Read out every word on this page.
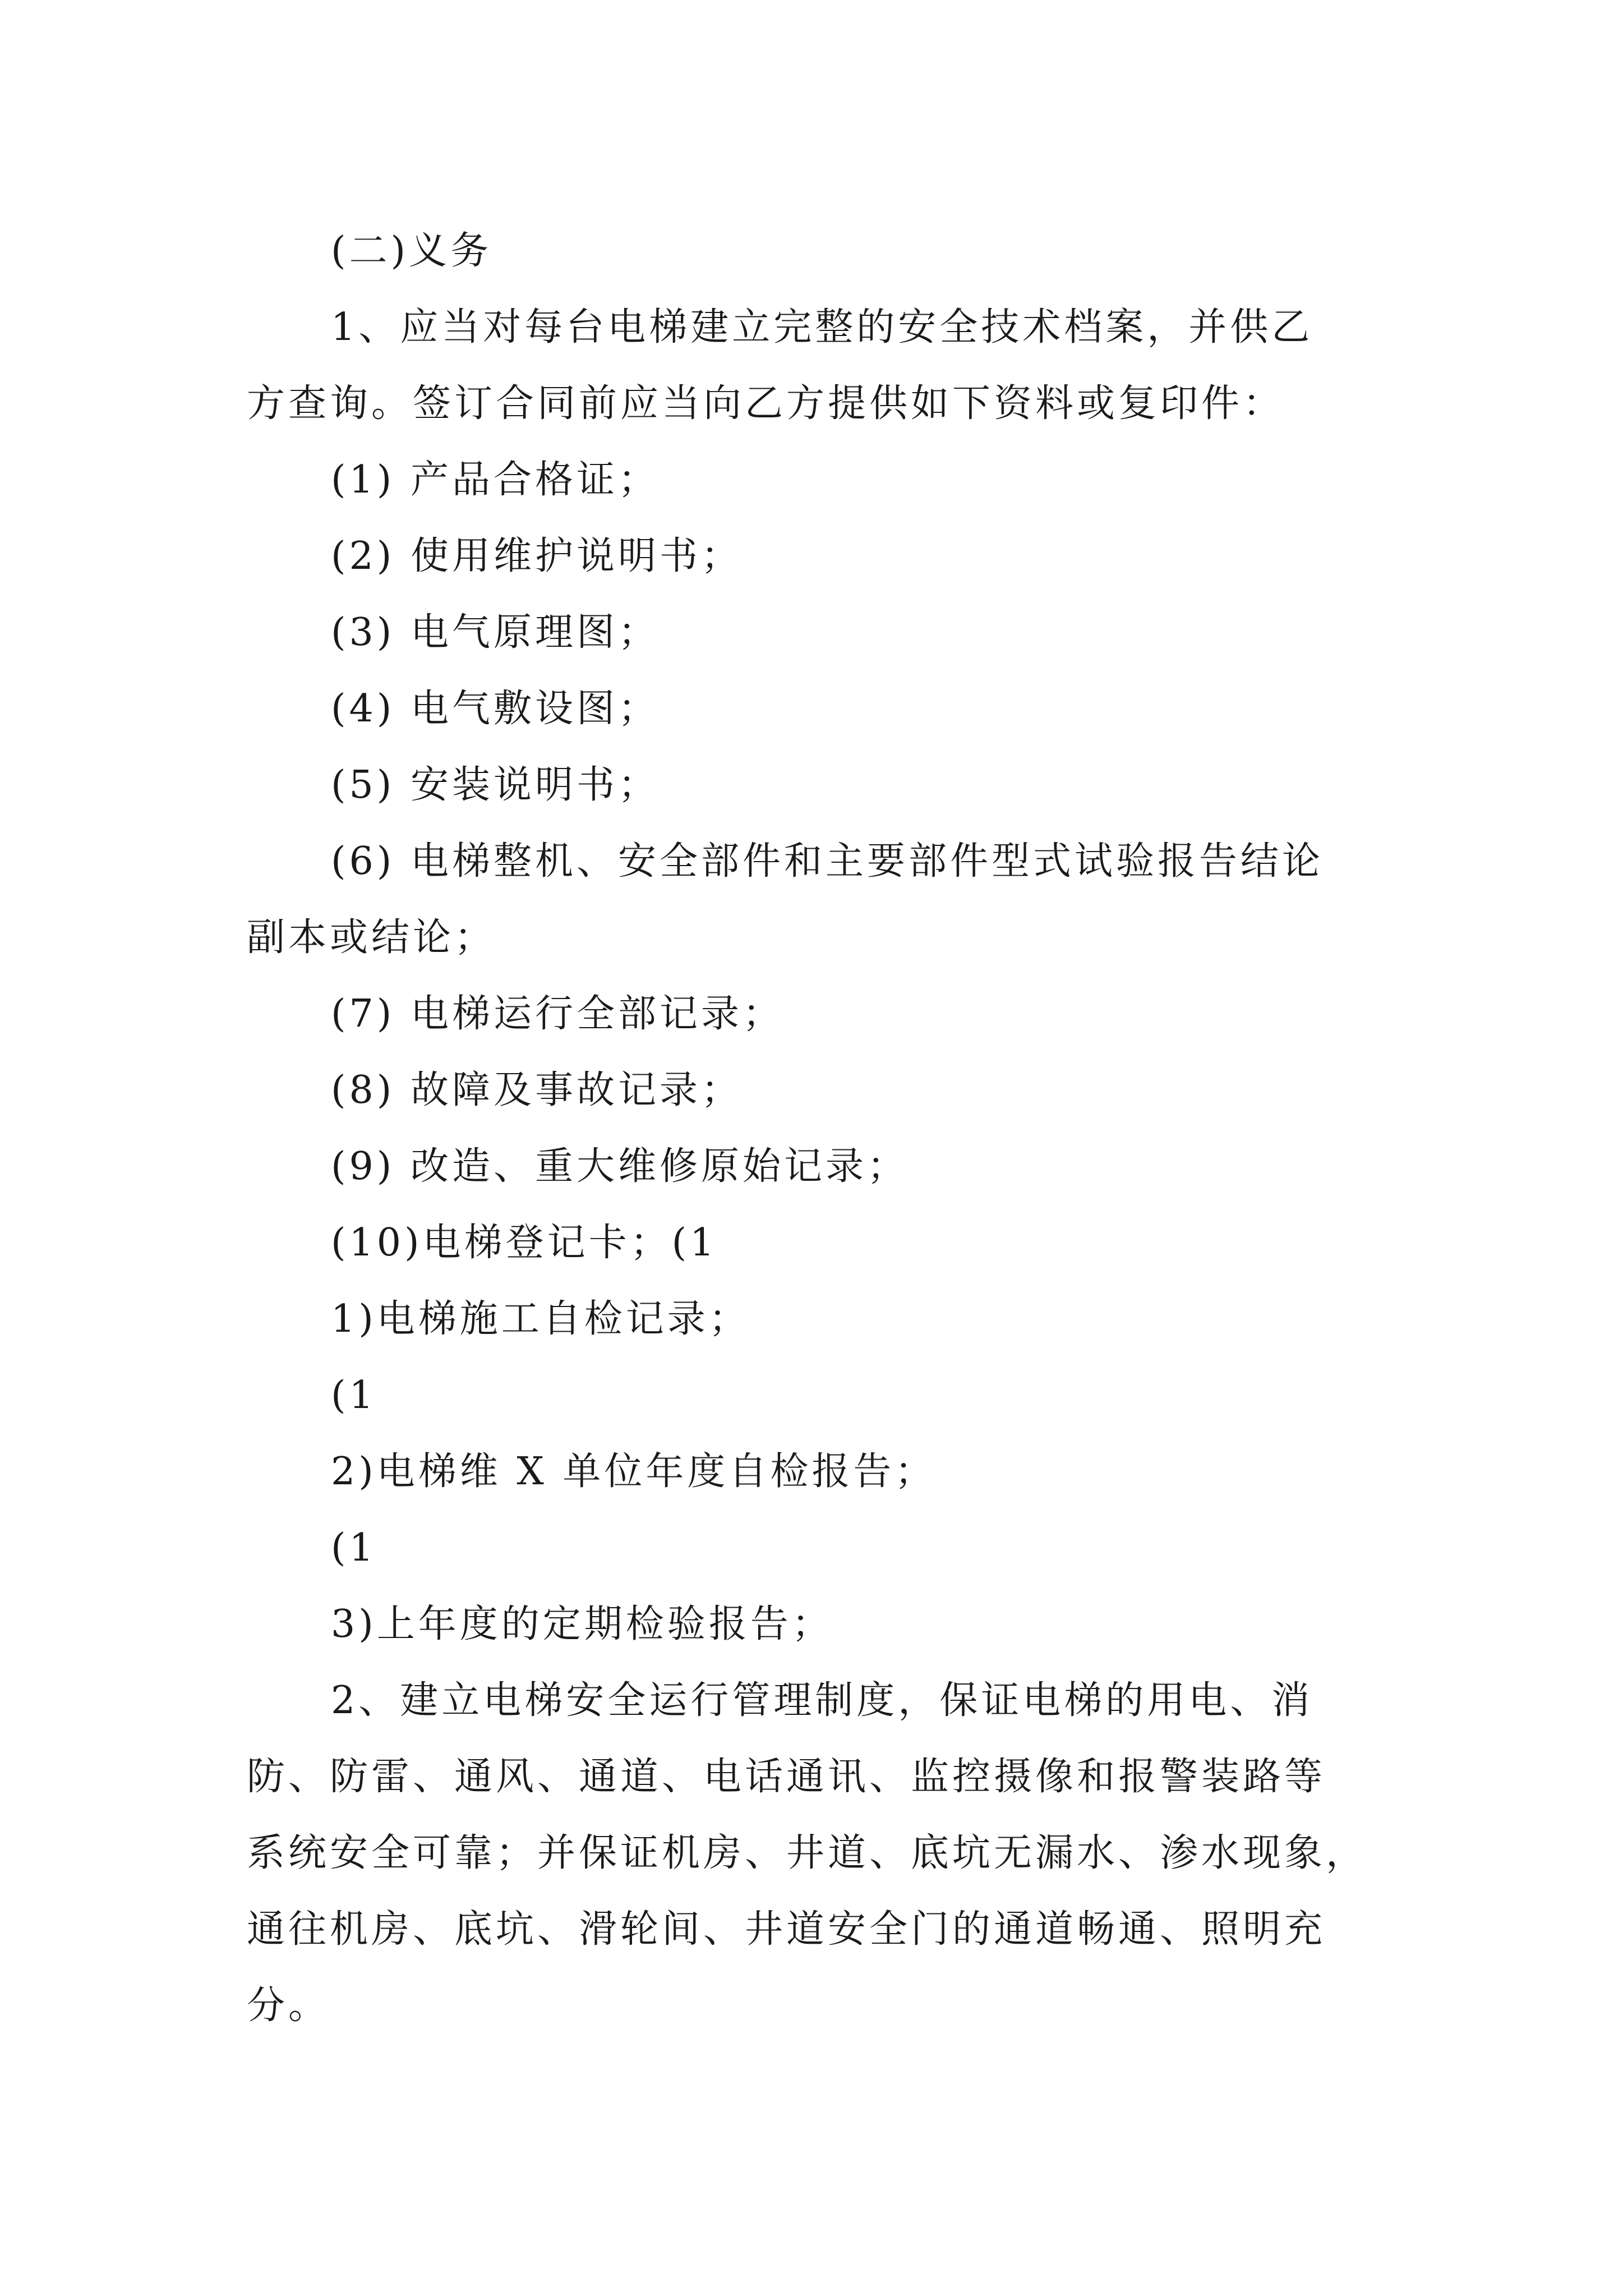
(二)义务

1、应当对每台电梯建立完整的安全技术档案，并供乙

方查询。签订合同前应当向乙方提供如下资料或复印件：

(1) 产品合格证；

(2) 使用维护说明书；

(3) 电气原理图；

(4) 电气敷设图；

(5) 安装说明书；

(6) 电梯整机、安全部件和主要部件型式试验报告结论

副本或结论；

(7) 电梯运行全部记录；

(8) 故障及事故记录；

(9) 改造、重大维修原始记录；

(10)电梯登记卡；(1

1)电梯施工自检记录；

(1

2)电梯维 X 单位年度自检报告；

(1

3)上年度的定期检验报告；

2、建立电梯安全运行管理制度，保证电梯的用电、消

防、防雷、通风、通道、电话通讯、监控摄像和报警装路等

系统安全可靠；并保证机房、井道、底坑无漏水、渗水现象，

通往机房、底坑、滑轮间、井道安全门的通道畅通、照明充

分。
